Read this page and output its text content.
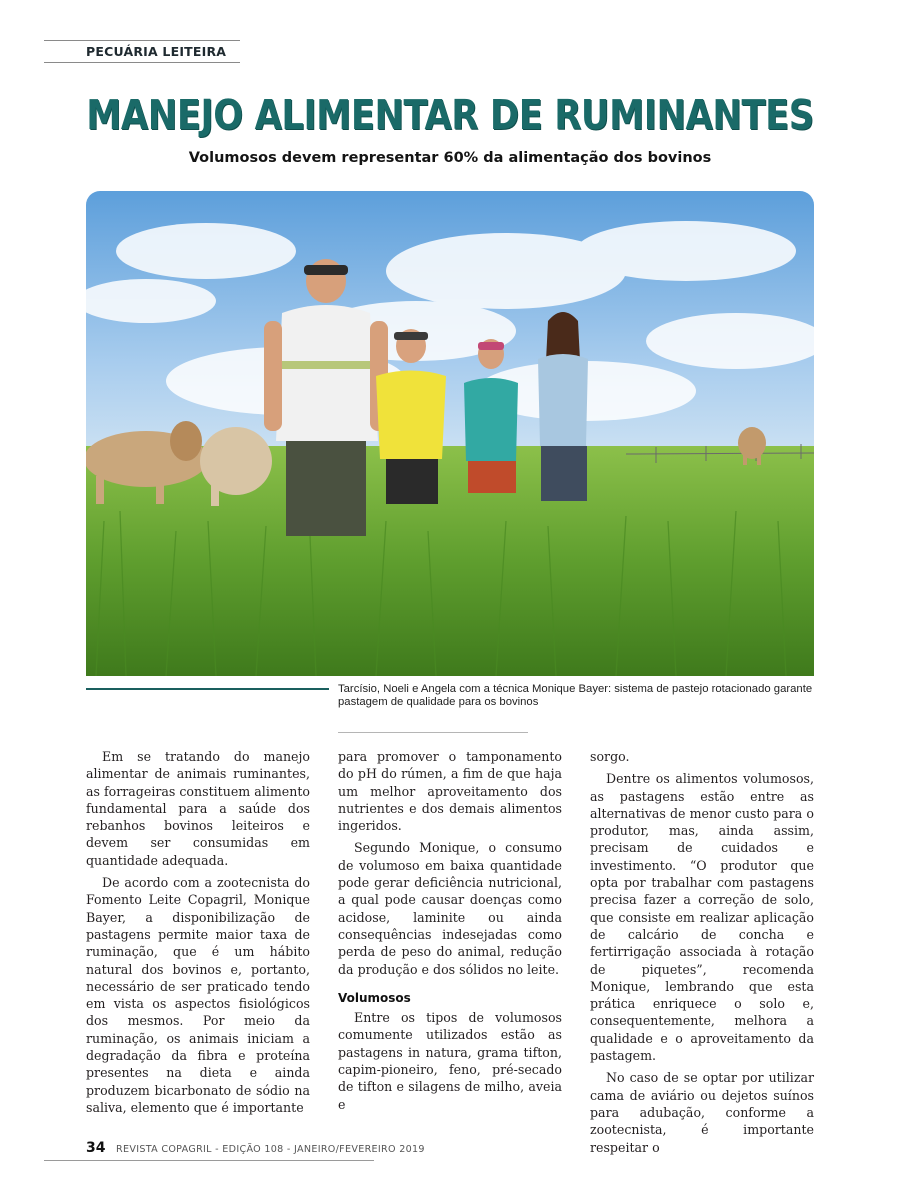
PECUÁRIA LEITEIRA
MANEJO ALIMENTAR DE RUMINANTES
Volumosos devem representar 60% da alimentação dos bovinos
Tarcísio, Noeli e Angela com a técnica Monique Bayer: sistema de pastejo rotacionado garante pastagem de qualidade para os bovinos

Em se tratando do manejo alimentar de animais ruminantes, as forrageiras constituem alimento fundamental para a saúde dos rebanhos bovinos leiteiros e devem ser consumidas em quantidade adequada.

De acordo com a zootecnista do Fomento Leite Copagril, Monique Bayer, a disponibilização de pastagens permite maior taxa de ruminação, que é um hábito natural dos bovinos e, portanto, necessário de ser praticado tendo em vista os aspectos fisiológicos dos mesmos. Por meio da ruminação, os animais iniciam a degradação da fibra e proteína presentes na dieta e ainda produzem bicarbonato de sódio na saliva, elemento que é importante

para promover o tamponamento do pH do rúmen, a fim de que haja um melhor aproveitamento dos nutrientes e dos demais alimentos ingeridos.

Segundo Monique, o consumo de volumoso em baixa quantidade pode gerar deficiência nutricional, a qual pode causar doenças como acidose, laminite ou ainda consequências indesejadas como perda de peso do animal, redução da produção e dos sólidos no leite.

Volumosos

Entre os tipos de volumosos comumente utilizados estão as pastagens in natura, grama tifton, capim-pioneiro, feno, pré-secado de tifton e silagens de milho, aveia e

sorgo.

Dentre os alimentos volumosos, as pastagens estão entre as alternativas de menor custo para o produtor, mas, ainda assim, precisam de cuidados e investimento. “O produtor que opta por trabalhar com pastagens precisa fazer a correção de solo, que consiste em realizar aplicação de calcário de concha e fertirrigação associada à rotação de piquetes”, recomenda Monique, lembrando que esta prática enriquece o solo e, consequentemente, melhora a qualidade e o aproveitamento da pastagem.

No caso de se optar por utilizar cama de aviário ou dejetos suínos para adubação, conforme a zootecnista, é importante respeitar o

34 REVISTA COPAGRIL - EDIÇÃO 108 - JANEIRO/FEVEREIRO 2019
